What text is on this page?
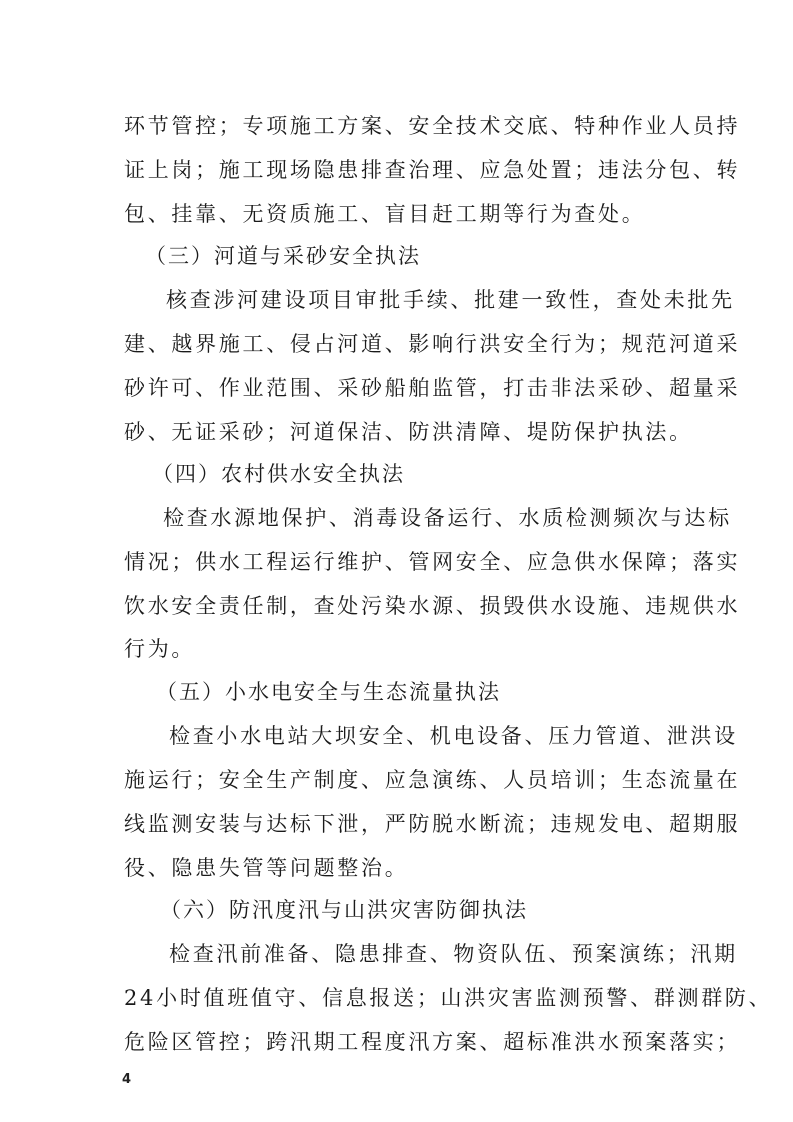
环节管控；专项施工方案、安全技术交底、特种作业人员持
证上岗；施工现场隐患排查治理、应急处置；违法分包、转
包、挂靠、无资质施工、盲目赶工期等行为查处。
（三）河道与采砂安全执法
核查涉河建设项目审批手续、批建一致性，查处未批先
建、越界施工、侵占河道、影响行洪安全行为；规范河道采
砂许可、作业范围、采砂船舶监管，打击非法采砂、超量采
砂、无证采砂；河道保洁、防洪清障、堤防保护执法。
（四）农村供水安全执法
检查水源地保护、消毒设备运行、水质检测频次与达标
情况；供水工程运行维护、管网安全、应急供水保障；落实
饮水安全责任制，查处污染水源、损毁供水设施、违规供水
行为。
（五）小水电安全与生态流量执法
检查小水电站大坝安全、机电设备、压力管道、泄洪设
施运行；安全生产制度、应急演练、人员培训；生态流量在
线监测安装与达标下泄，严防脱水断流；违规发电、超期服
役、隐患失管等问题整治。
（六）防汛度汛与山洪灾害防御执法
检查汛前准备、隐患排查、物资队伍、预案演练；汛期
24小时值班值守、信息报送；山洪灾害监测预警、群测群防、
危险区管控；跨汛期工程度汛方案、超标准洪水预案落实；
4
